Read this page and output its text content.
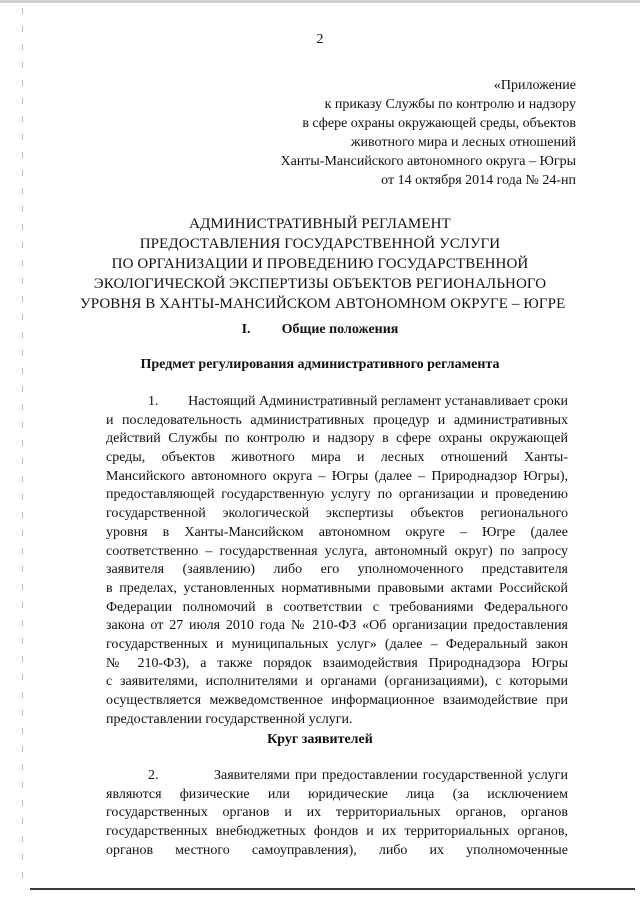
2
«Приложение
к приказу Службы по контролю и надзору
в сфере охраны окружающей среды, объектов
животного мира и лесных отношений
Ханты-Мансийского автономного округа – Югры
от 14 октября 2014 года № 24-нп
АДМИНИСТРАТИВНЫЙ РЕГЛАМЕНТ
ПРЕДОСТАВЛЕНИЯ ГОСУДАРСТВЕННОЙ УСЛУГИ
ПО ОРГАНИЗАЦИИ И ПРОВЕДЕНИЮ ГОСУДАРСТВЕННОЙ
ЭКОЛОГИЧЕСКОЙ ЭКСПЕРТИЗЫ ОБЪЕКТОВ РЕГИОНАЛЬНОГО
УРОВНЯ В ХАНТЫ-МАНСИЙСКОМ АВТОНОМНОМ ОКРУГЕ – ЮГРЕ
I. Общие положения
Предмет регулирования административного регламента
1.	Настоящий Административный регламент устанавливает сроки
и последовательность административных процедур и административных
действий Службы по контролю и надзору в сфере охраны окружающей
среды, объектов животного мира и лесных отношений Ханты-
Мансийского автономного округа – Югры (далее – Природнадзор Югры),
предоставляющей государственную услугу по организации и проведению
государственной экологической экспертизы объектов регионального
уровня в Ханты-Мансийском автономном округе – Югре (далее
соответственно – государственная услуга, автономный округ) по запросу
заявителя (заявлению) либо его уполномоченного представителя
в пределах, установленных нормативными правовыми актами Российской
Федерации полномочий в соответствии с требованиями Федерального
закона от 27 июля 2010 года № 210-ФЗ «Об организации предоставления
государственных и муниципальных услуг» (далее – Федеральный закон
№ 210-ФЗ), а также порядок взаимодействия Природнадзора Югры
с заявителями, исполнителями и органами (организациями), с которыми
осуществляется межведомственное информационное взаимодействие при
предоставлении государственной услуги.
Круг заявителей
2.	Заявителями при предоставлении государственной услуги
являются физические или юридические лица (за исключением
государственных органов и их территориальных органов, органов
государственных внебюджетных фондов и их территориальных органов,
органов местного самоуправления), либо их уполномоченные
